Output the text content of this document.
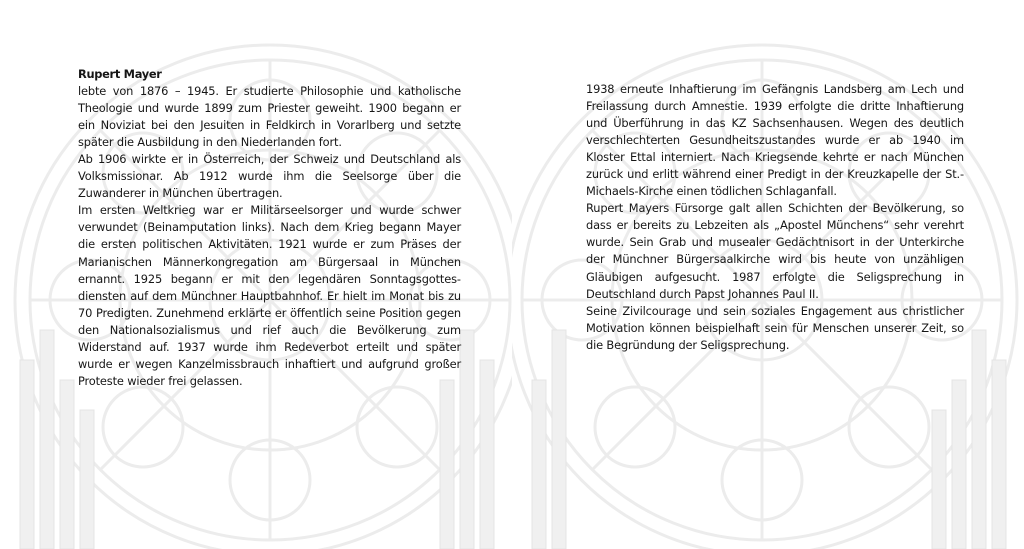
Rupert Mayer

lebte von 1876 – 1945. Er studierte Philosophie und katholische Theologie und wurde 1899 zum Priester geweiht. 1900 begann er ein Noviziat bei den Jesuiten in Feldkirch in Vorarlberg und setzte später die Ausbildung in den Niederlanden fort.

Ab 1906 wirkte er in Österreich, der Schweiz und Deutschland als Volksmissionar. Ab 1912 wurde ihm die Seelsorge über die Zuwanderer in München übertragen.

Im ersten Weltkrieg war er Militärseelsorger und wurde schwer verwundet (Beinamputation links). Nach dem Krieg begann Mayer die ersten politischen Aktivitäten. 1921 wurde er zum Präses der Marianischen Männerkongregation am Bürgersaal in München ernannt. 1925 begann er mit den legendären Sonntagsgottesdiensten auf dem Münchner Hauptbahnhof. Er hielt im Monat bis zu 70 Predigten. Zunehmend erklärte er öffentlich seine Position gegen den Nationalsozialismus und rief auch die Bevölkerung zum Widerstand auf. 1937 wurde ihm Redeverbot erteilt und später wurde er wegen Kanzelmissbrauch inhaftiert und aufgrund großer Proteste wieder frei gelassen.

1938 erneute Inhaftierung im Gefängnis Landsberg am Lech und Freilassung durch Amnestie. 1939 erfolgte die dritte Inhaftierung und Überführung in das KZ Sachsenhausen. Wegen des deutlich verschlechterten Gesundheitszustandes wurde er ab 1940 im Kloster Ettal interniert. Nach Kriegsende kehrte er nach München zurück und erlitt während einer Predigt in der Kreuzkapelle der St.-Michaels-Kirche einen tödlichen Schlaganfall.

Rupert Mayers Fürsorge galt allen Schichten der Bevölkerung, so dass er bereits zu Lebzeiten als „Apostel Münchens“ sehr verehrt wurde. Sein Grab und musealer Gedächtnisort in der Unterkirche der Münchner Bürgersaalkirche wird bis heute von unzähligen Gläubigen aufgesucht. 1987 erfolgte die Seligsprechung in Deutschland durch Papst Johannes Paul II.

Seine Zivilcourage und sein soziales Engagement aus christlicher Motivation können beispielhaft sein für Menschen unserer Zeit, so die Begründung der Seligsprechung.
